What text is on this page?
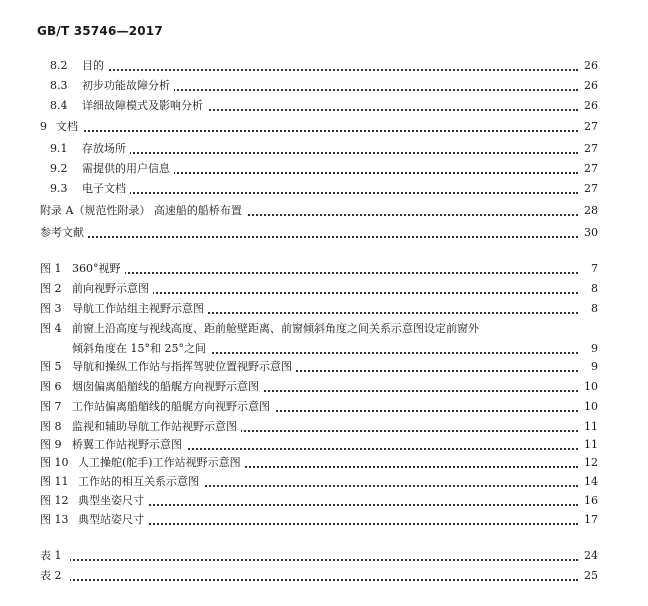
GB/T 35746—2017
8.2 目的	26
8.3 初步功能故障分析	26
8.4 详细故障模式及影响分析	26
9 文档	27
9.1 存放场所	27
9.2 需提供的用户信息	27
9.3 电子文档	27
附录 A（规范性附录） 高速船的船桥布置	28
参考文献	30
图 1 360°视野	7
图 2 前向视野示意图	8
图 3 导航工作站组主视野示意图	8
图 4 前窗上沿高度与视线高度、距前舱壁距离、前窗倾斜角度之间关系示意图设定前窗外
倾斜角度在 15°和 25°之间	9
图 5 导航和操纵工作站与指挥驾驶位置视野示意图	9
图 6 烟囱偏离船艏线的船艉方向视野示意图	10
图 7 工作站偏离船艏线的船艉方向视野示意图	10
图 8 监视和辅助导航工作站视野示意图	11
图 9 桥翼工作站视野示意图	11
图 10 人工操舵(舵手)工作站视野示意图	12
图 11 工作站的相互关系示意图	14
图 12 典型坐姿尺寸	16
图 13 典型站姿尺寸	17
表 1	24
表 2	25
